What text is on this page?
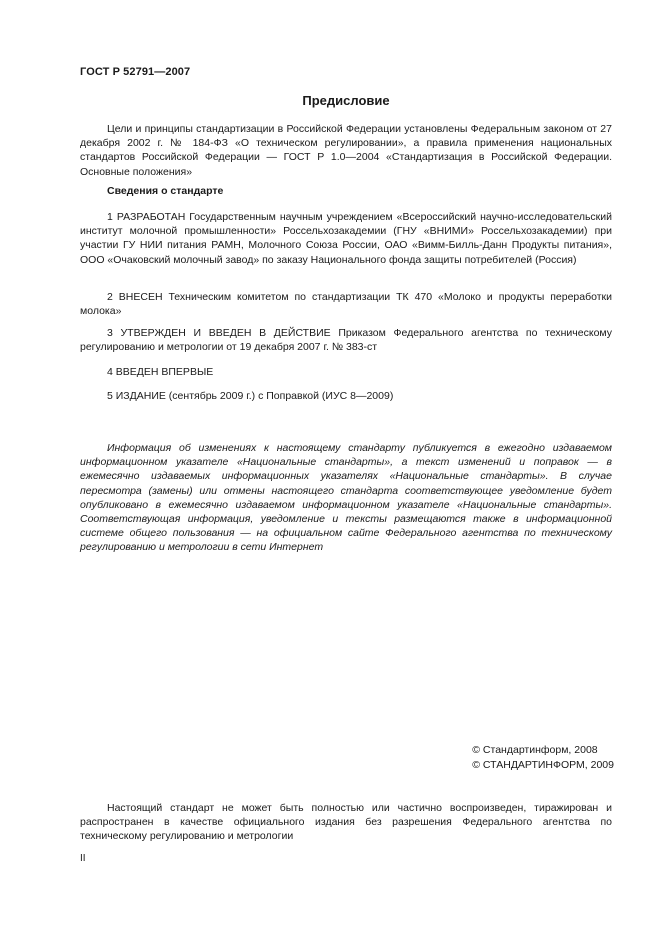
ГОСТ Р 52791—2007
Предисловие

Цели и принципы стандартизации в Российской Федерации установлены Федеральным законом от 27 декабря 2002 г. № 184-ФЗ «О техническом регулировании», а правила применения национальных стандартов Российской Федерации — ГОСТ Р 1.0—2004 «Стандартизация в Российской Федерации. Основные положения»

Сведения о стандарте

1 РАЗРАБОТАН Государственным научным учреждением «Всероссийский научно-исследовательский институт молочной промышленности» Россельхозакадемии (ГНУ «ВНИМИ» Россельхозакадемии) при участии ГУ НИИ питания РАМН, Молочного Союза России, ОАО «Вимм-Билль-Данн Продукты питания», ООО «Очаковский молочный завод» по заказу Национального фонда защиты потребителей (Россия)

2 ВНЕСЕН Техническим комитетом по стандартизации ТК 470 «Молоко и продукты переработки молока»

3 УТВЕРЖДЕН И ВВЕДЕН В ДЕЙСТВИЕ Приказом Федерального агентства по техническому регулированию и метрологии от 19 декабря 2007 г. № 383-ст

4 ВВЕДЕН ВПЕРВЫЕ

5 ИЗДАНИЕ (сентябрь 2009 г.) с Поправкой (ИУС 8—2009)

Информация об изменениях к настоящему стандарту публикуется в ежегодно издаваемом информационном указателе «Национальные стандарты», а текст изменений и поправок — в ежемесячно издаваемых информационных указателях «Национальные стандарты». В случае пересмотра (замены) или отмены настоящего стандарта соответствующее уведомление будет опубликовано в ежемесячно издаваемом информационном указателе «Национальные стандарты». Соответствующая информация, уведомление и тексты размещаются также в информационной системе общего пользования — на официальном сайте Федерального агентства по техническому регулированию и метрологии в сети Интернет

© Стандартинформ, 2008
© СТАНДАРТИНФОРМ, 2009

Настоящий стандарт не может быть полностью или частично воспроизведен, тиражирован и распространен в качестве официального издания без разрешения Федерального агентства по техническому регулированию и метрологии

II
